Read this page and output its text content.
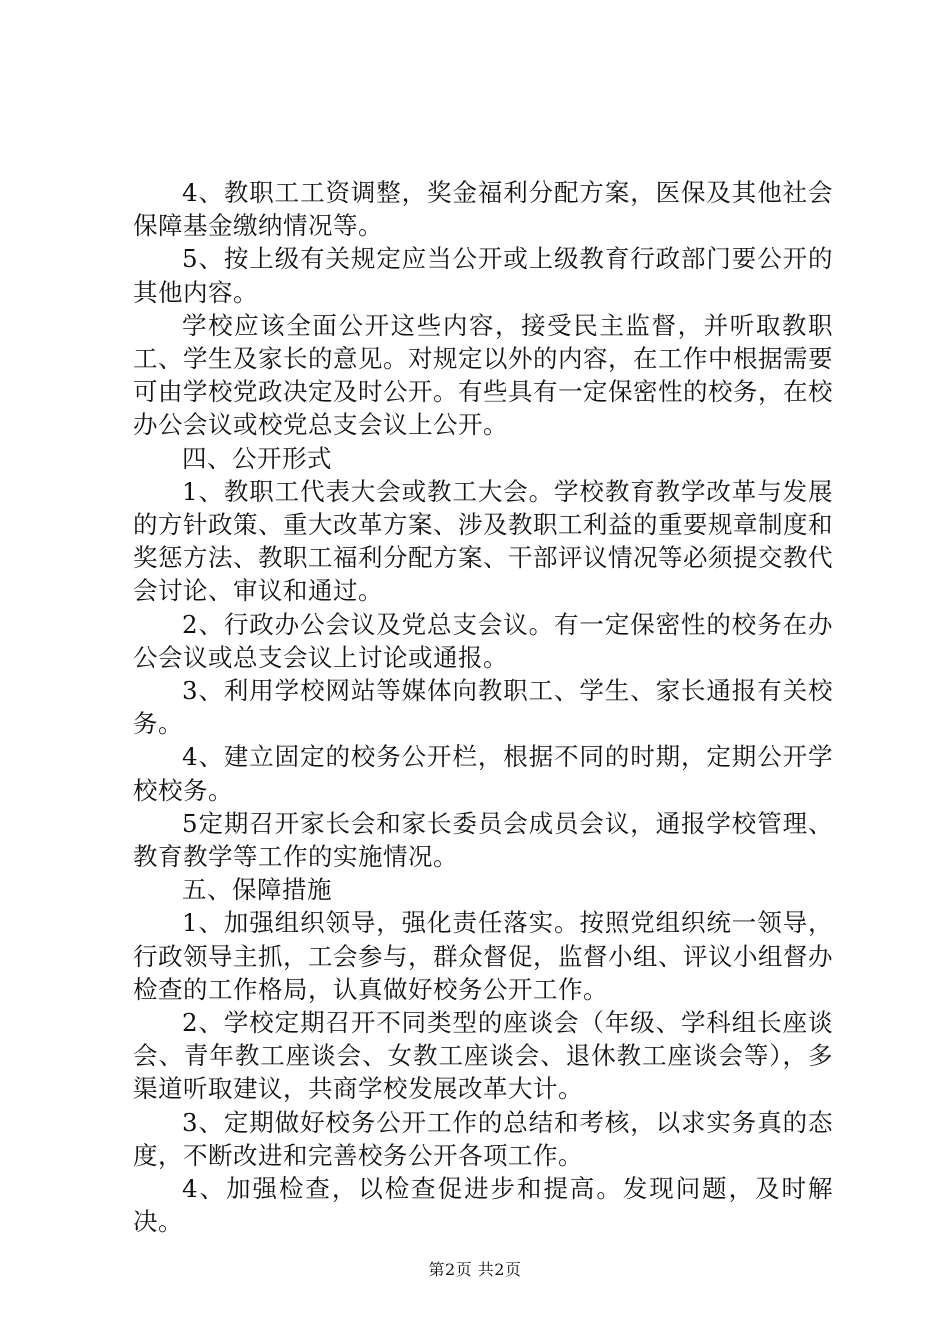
4、教职工工资调整，奖金福利分配方案，医保及其他社会保障基金缴纳情况等。

5、按上级有关规定应当公开或上级教育行政部门要公开的其他内容。

学校应该全面公开这些内容，接受民主监督，并听取教职工、学生及家长的意见。对规定以外的内容，在工作中根据需要可由学校党政决定及时公开。有些具有一定保密性的校务，在校办公会议或校党总支会议上公开。

四、公开形式

1、教职工代表大会或教工大会。学校教育教学改革与发展的方针政策、重大改革方案、涉及教职工利益的重要规章制度和奖惩方法、教职工福利分配方案、干部评议情况等必须提交教代会讨论、审议和通过。

2、行政办公会议及党总支会议。有一定保密性的校务在办公会议或总支会议上讨论或通报。

3、利用学校网站等媒体向教职工、学生、家长通报有关校务。

4、建立固定的校务公开栏，根据不同的时期，定期公开学校校务。

5定期召开家长会和家长委员会成员会议，通报学校管理、教育教学等工作的实施情况。

五、保障措施

1、加强组织领导，强化责任落实。按照党组织统一领导，行政领导主抓，工会参与，群众督促，监督小组、评议小组督办检查的工作格局，认真做好校务公开工作。

2、学校定期召开不同类型的座谈会（年级、学科组长座谈会、青年教工座谈会、女教工座谈会、退休教工座谈会等），多渠道听取建议，共商学校发展改革大计。

3、定期做好校务公开工作的总结和考核，以求实务真的态度，不断改进和完善校务公开各项工作。

4、加强检查，以检查促进步和提高。发现问题，及时解决。

第2页 共2页
